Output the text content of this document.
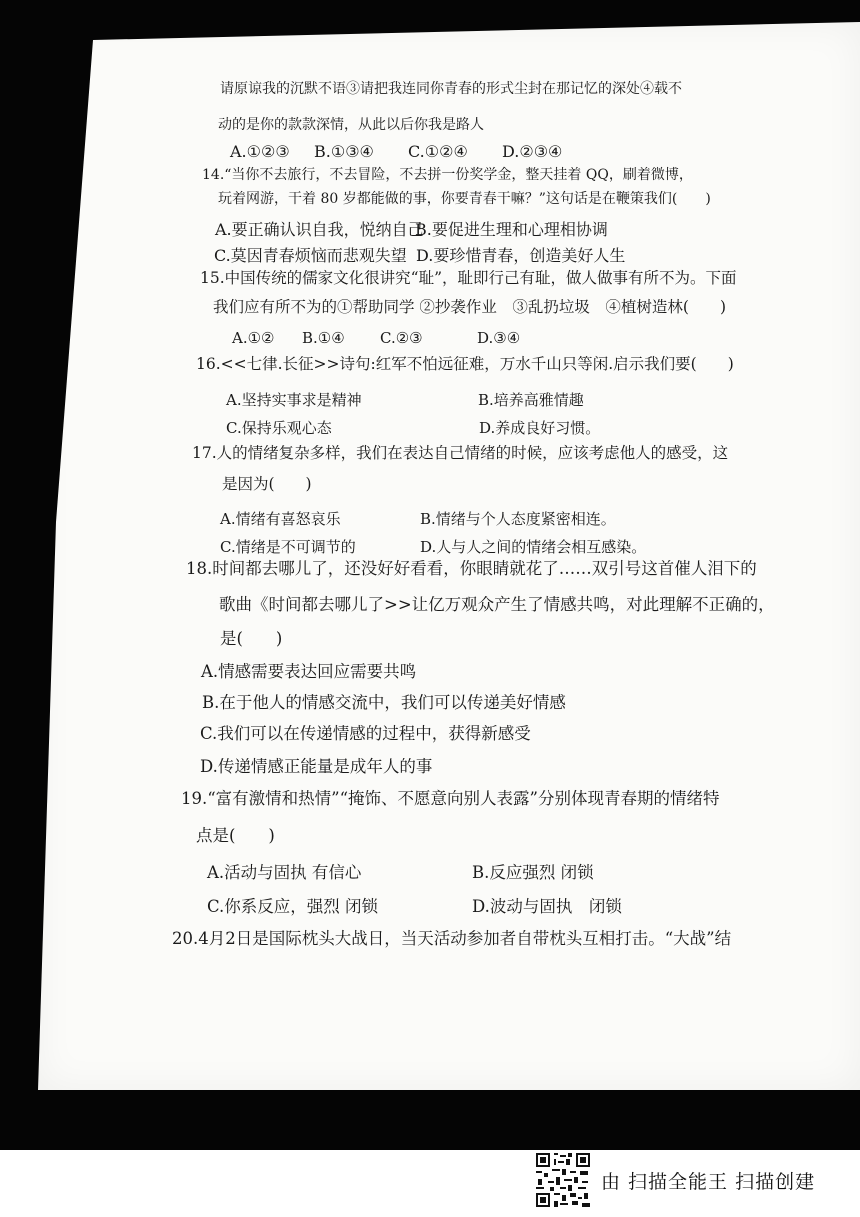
请原谅我的沉默不语③请把我连同你青春的形式尘封在那记忆的深处④载不
动的是你的款款深情，从此以后你我是路人
A.①②③ B.①③④ C.①②④ D.②③④
14.“当你不去旅行，不去冒险，不去拼一份奖学金，整天挂着 QQ，刷着微博，
玩着网游，干着 80 岁都能做的事，你要青春干嘛？”这句话是在鞭策我们(　　)
A.要正确认识自我，悦纳自己
B.要促进生理和心理相协调
C.莫因青春烦恼而悲观失望 D.要珍惜青春，创造美好人生
15.中国传统的儒家文化很讲究“耻”，耻即行己有耻，做人做事有所不为。下面
我们应有所不为的①帮助同学 ②抄袭作业　③乱扔垃圾　④植树造林(　　)
A.①② B.①④ C.②③	D.③④
16.<<七律.长征>>诗句:红军不怕远征难，万水千山只等闲.启示我们要(　　)
A.坚持实事求是精神	B.培养高雅情趣
C.保持乐观心态	D.养成良好习惯。
17.人的情绪复杂多样，我们在表达自己情绪的时候，应该考虑他人的感受，这
是因为(　　)
A.情绪有喜怒哀乐	B.情绪与个人态度紧密相连。
C.情绪是不可调节的	D.人与人之间的情绪会相互感染。
18.时间都去哪儿了，还没好好看看，你眼睛就花了……双引号这首催人泪下的
歌曲《时间都去哪儿了>>让亿万观众产生了情感共鸣，对此理解不正确的，
是(　　)
A.情感需要表达回应需要共鸣
B.在于他人的情感交流中，我们可以传递美好情感
C.我们可以在传递情感的过程中，获得新感受
D.传递情感正能量是成年人的事
19.“富有激情和热情”“掩饰、不愿意向别人表露”分别体现青春期的情绪特
点是(　　)
A.活动与固执 有信心	B.反应强烈 闭锁
C.你系反应，强烈 闭锁	D.波动与固执　闭锁
20.4月2日是国际枕头大战日，当天活动参加者自带枕头互相打击。“大战”结
由 扫描全能王 扫描创建
